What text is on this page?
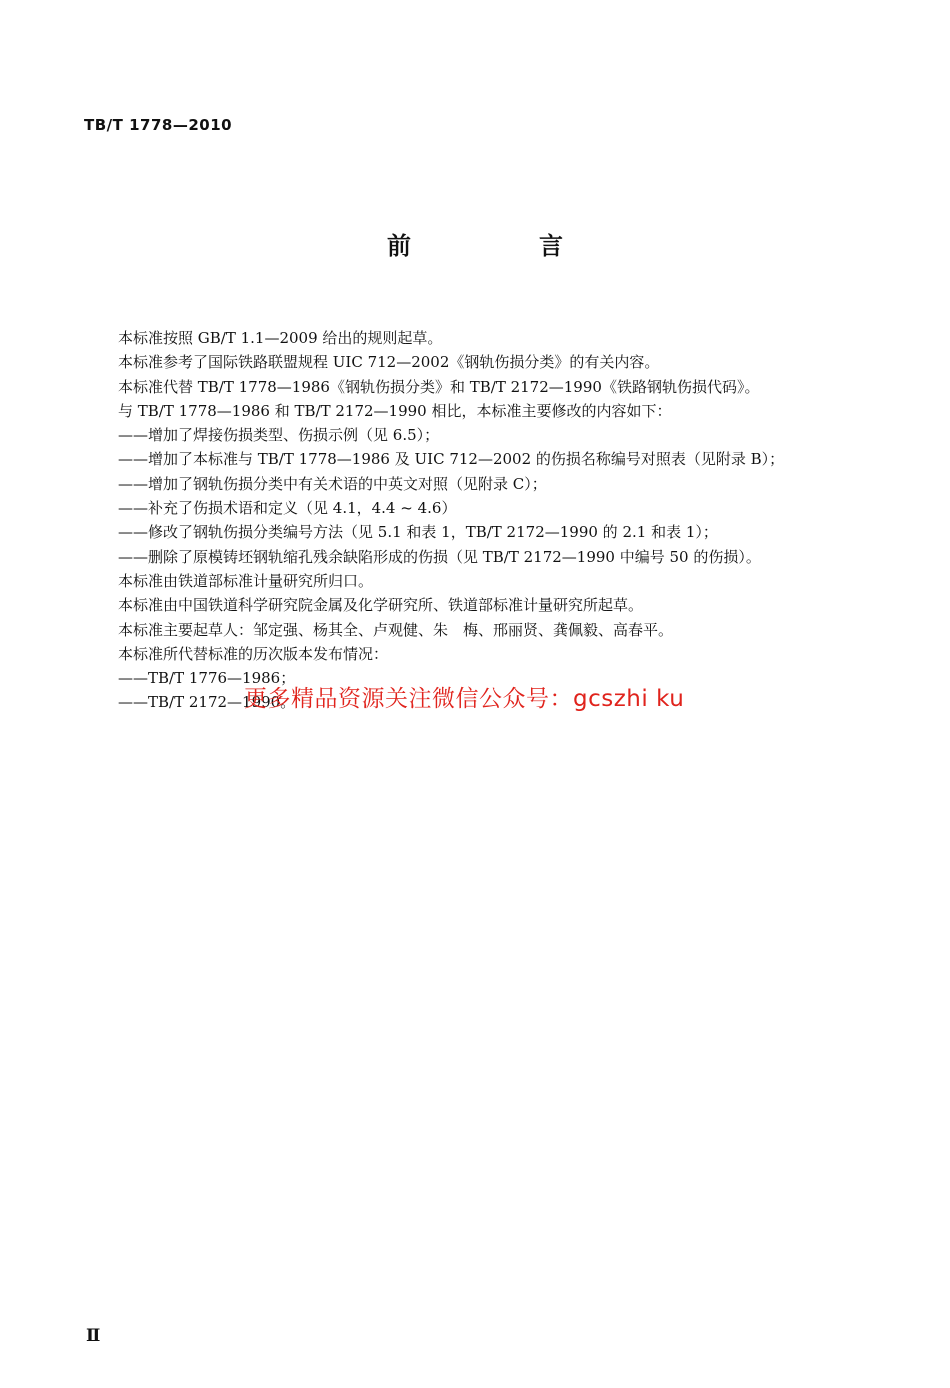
TB/T 1778—2010
前　言
本标准按照 GB/T 1.1—2009 给出的规则起草。
本标准参考了国际铁路联盟规程 UIC 712—2002《钢轨伤损分类》的有关内容。
本标准代替 TB/T 1778—1986《钢轨伤损分类》和 TB/T 2172—1990《铁路钢轨伤损代码》。
与 TB/T 1778—1986 和 TB/T 2172—1990 相比，本标准主要修改的内容如下：
——增加了焊接伤损类型、伤损示例（见 6.5）；
——增加了本标准与 TB/T 1778—1986 及 UIC 712—2002 的伤损名称编号对照表（见附录 B）；
——增加了钢轨伤损分类中有关术语的中英文对照（见附录 C）；
——补充了伤损术语和定义（见 4.1，4.4 ~ 4.6）
——修改了钢轨伤损分类编号方法（见 5.1 和表 1，TB/T 2172—1990 的 2.1 和表 1）；
——删除了原模铸坯钢轨缩孔残余缺陷形成的伤损（见 TB/T 2172—1990 中编号 50 的伤损）。
本标准由铁道部标准计量研究所归口。
本标准由中国铁道科学研究院金属及化学研究所、铁道部标准计量研究所起草。
本标准主要起草人：邹定强、杨其全、卢观健、朱　梅、邢丽贤、龚佩毅、高春平。
本标准所代替标准的历次版本发布情况：
——TB/T 1776—1986；
——TB/T 2172—1990。
更多精品资源关注微信公众号：gcszhi ku
Ⅱ
